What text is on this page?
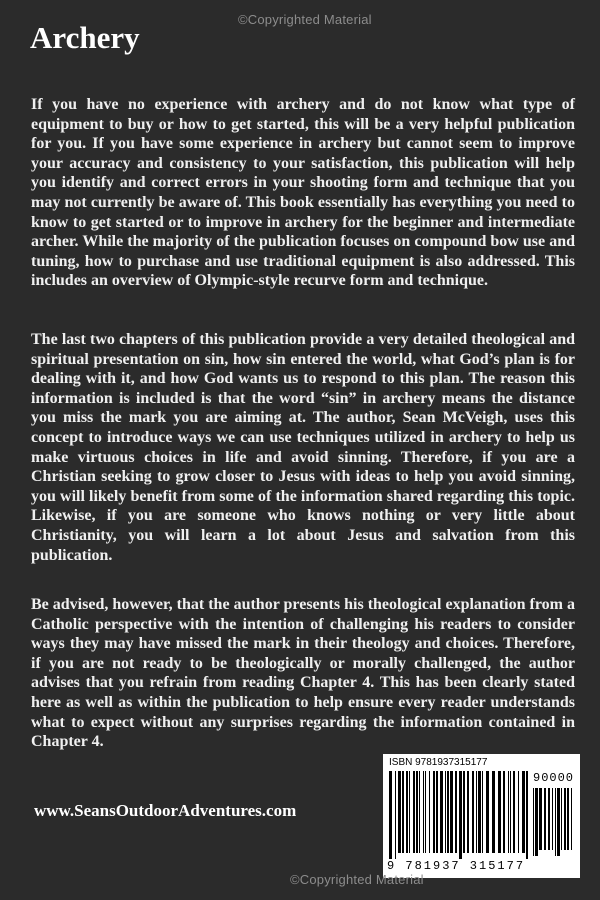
©Copyrighted Material
Archery
If you have no experience with archery and do not know what type of equipment to buy or how to get started, this will be a very helpful publication for you. If you have some experience in archery but cannot seem to improve your accuracy and consistency to your satisfaction, this publication will help you identify and correct errors in your shooting form and technique that you may not currently be aware of. This book essentially has everything you need to know to get started or to improve in archery for the beginner and intermediate archer. While the majority of the publication focuses on compound bow use and tuning, how to purchase and use traditional equipment is also addressed. This includes an overview of Olympic-style recurve form and technique.
The last two chapters of this publication provide a very detailed theological and spiritual presentation on sin, how sin entered the world, what God’s plan is for dealing with it, and how God wants us to respond to this plan. The reason this information is included is that the word “sin” in archery means the distance you miss the mark you are aiming at. The author, Sean McVeigh, uses this concept to introduce ways we can use techniques utilized in archery to help us make virtuous choices in life and avoid sinning. Therefore, if you are a Christian seeking to grow closer to Jesus with ideas to help you avoid sinning, you will likely benefit from some of the information shared regarding this topic. Likewise, if you are someone who knows nothing or very little about Christianity, you will learn a lot about Jesus and salvation from this publication.
Be advised, however, that the author presents his theological explanation from a Catholic perspective with the intention of challenging his readers to consider ways they may have missed the mark in their theology and choices. Therefore, if you are not ready to be theologically or morally challenged, the author advises that you refrain from reading Chapter 4. This has been clearly stated here as well as within the publication to help ensure every reader understands what to expect without any surprises regarding the information contained in Chapter 4.
www.SeansOutdoorAdventures.com
ISBN 9781937315177
90000
9 781937 315177
©Copyrighted Material
